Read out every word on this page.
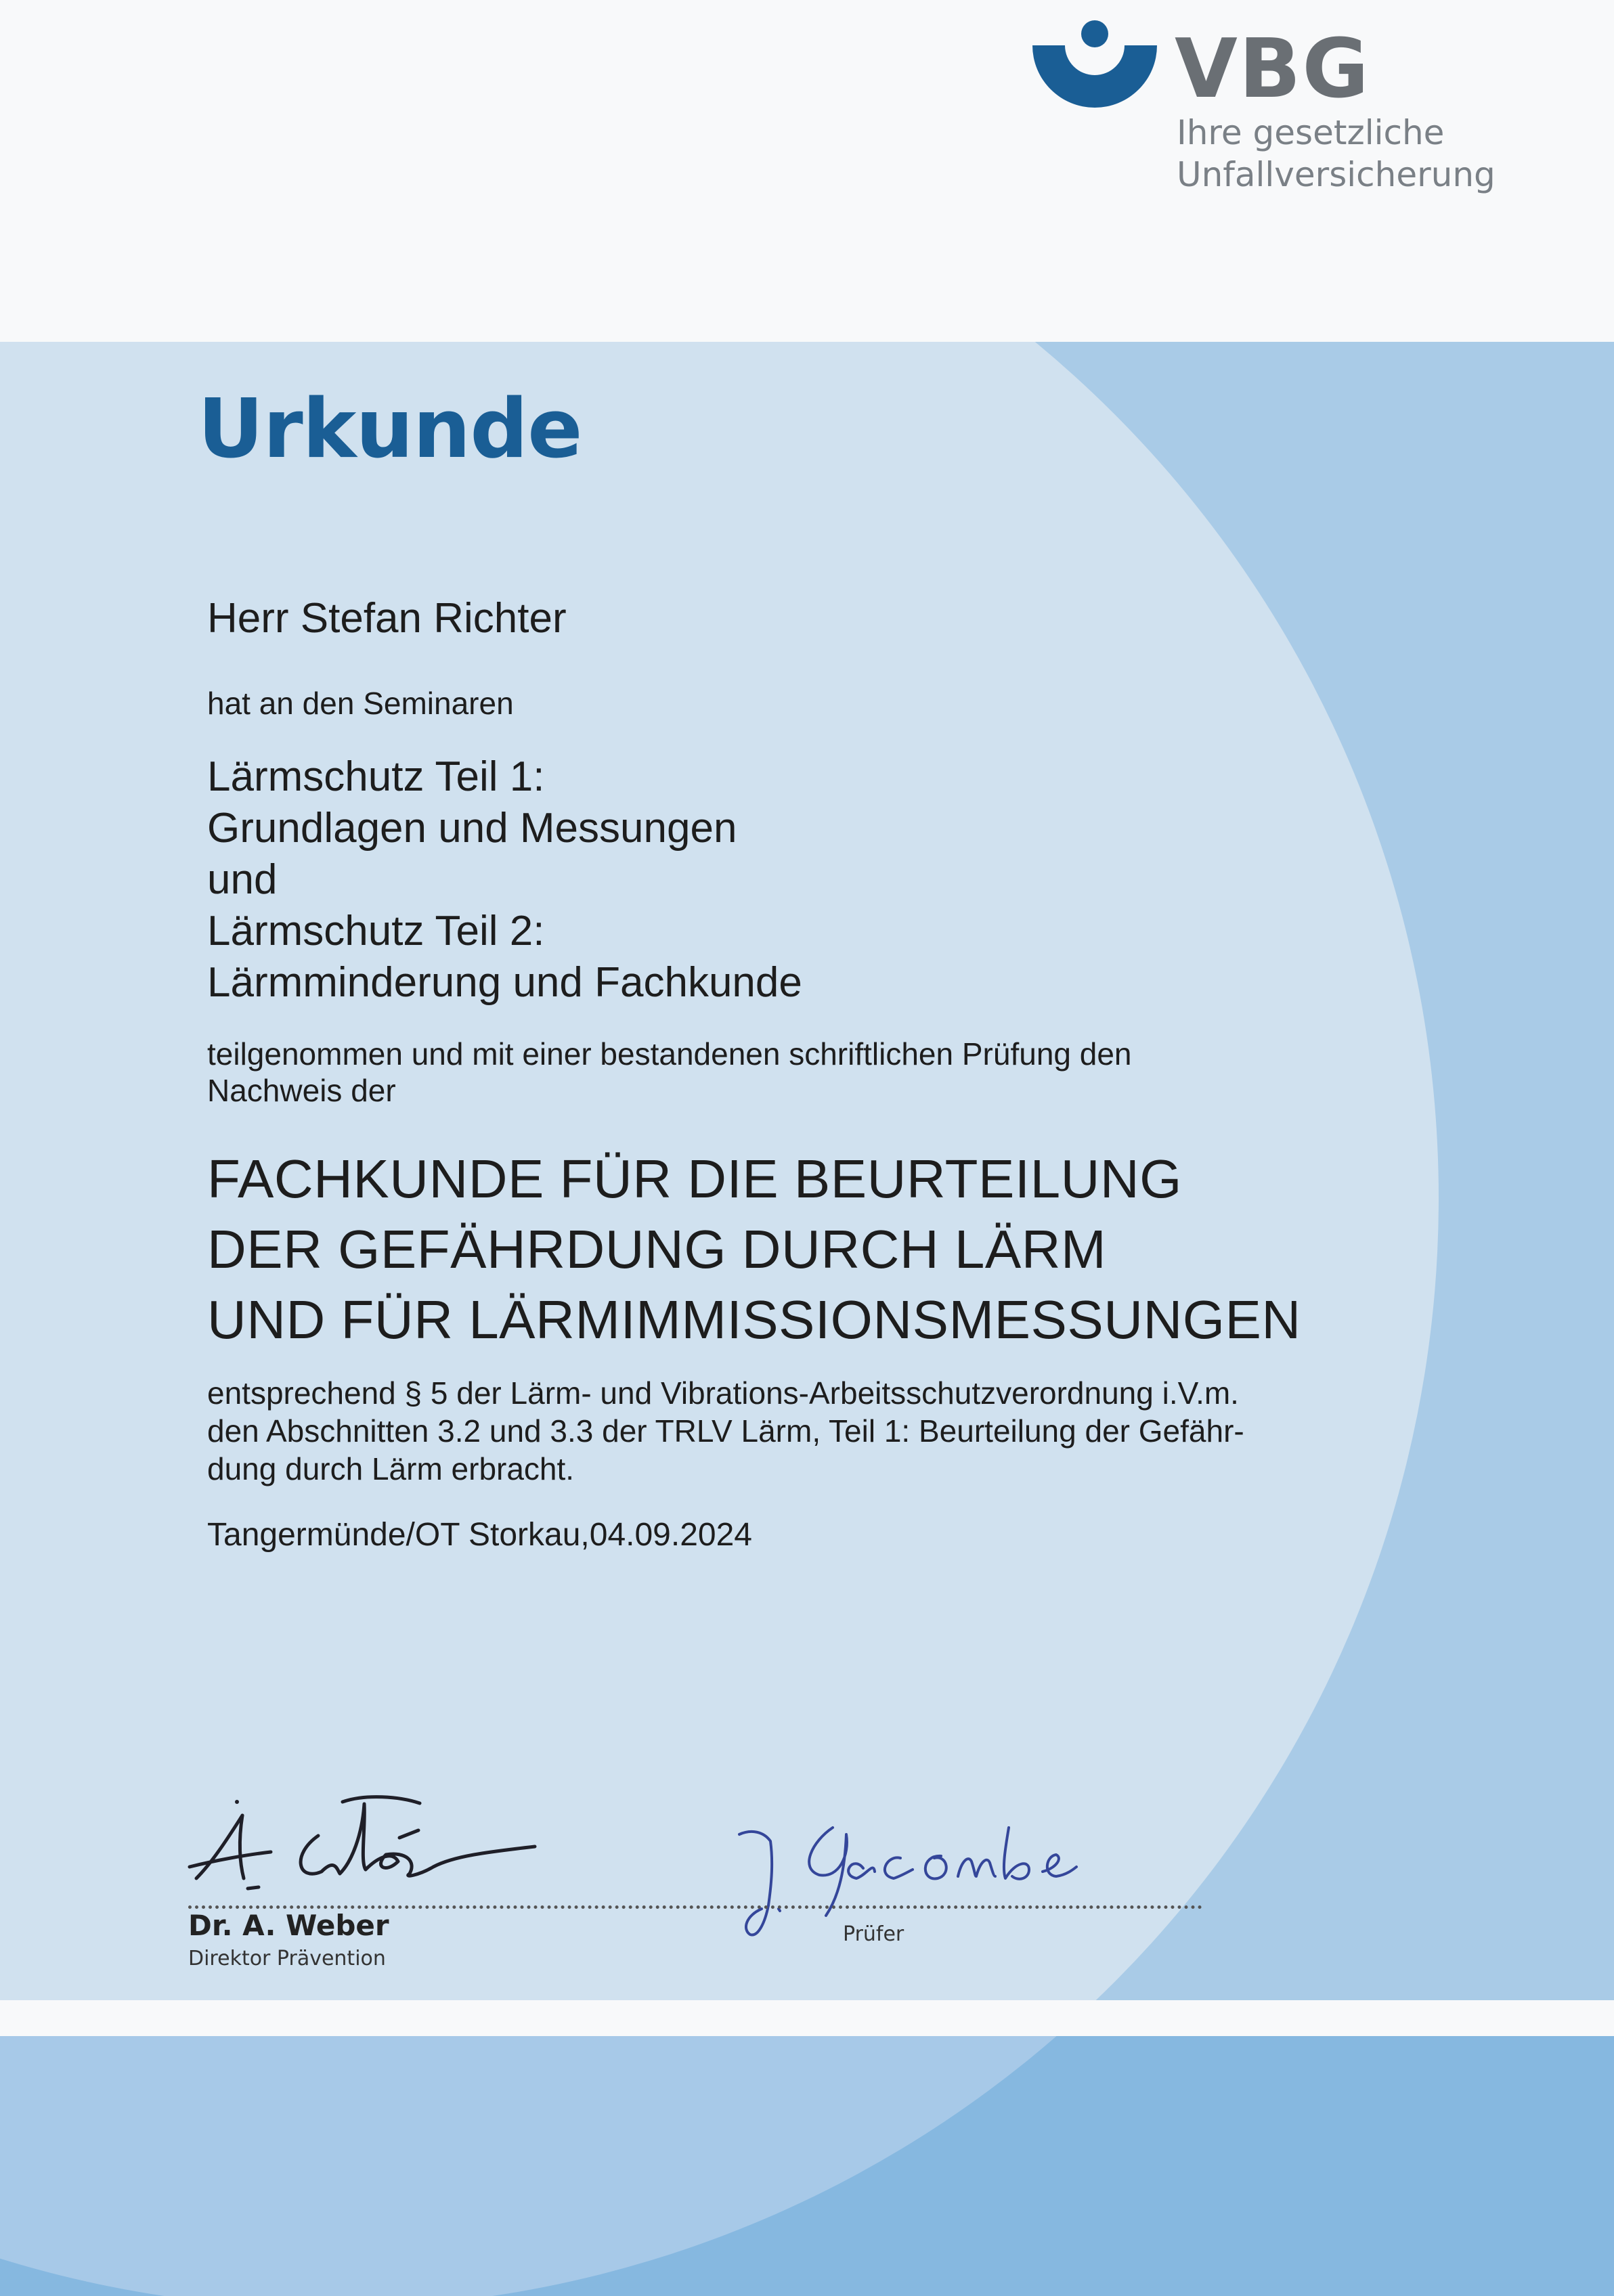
VBG
Ihre gesetzliche
Unfallversicherung
Urkunde
Herr Stefan Richter
hat an den Seminaren
Lärmschutz Teil 1:
Grundlagen und Messungen
und
Lärmschutz Teil 2:
Lärmminderung und Fachkunde
teilgenommen und mit einer bestandenen schriftlichen Prüfung den
Nachweis der
FACHKUNDE FÜR DIE BEURTEILUNG
DER GEFÄHRDUNG DURCH LÄRM
UND FÜR LÄRMIMMISSIONSMESSUNGEN
entsprechend § 5 der Lärm- und Vibrations-Arbeitsschutzverordnung i.V.m.
den Abschnitten 3.2 und 3.3 der TRLV Lärm, Teil 1: Beurteilung der Gefähr-
dung durch Lärm erbracht.
Tangermünde/OT Storkau,04.09.2024
Dr. A. Weber
Direktor Prävention
Prüfer
